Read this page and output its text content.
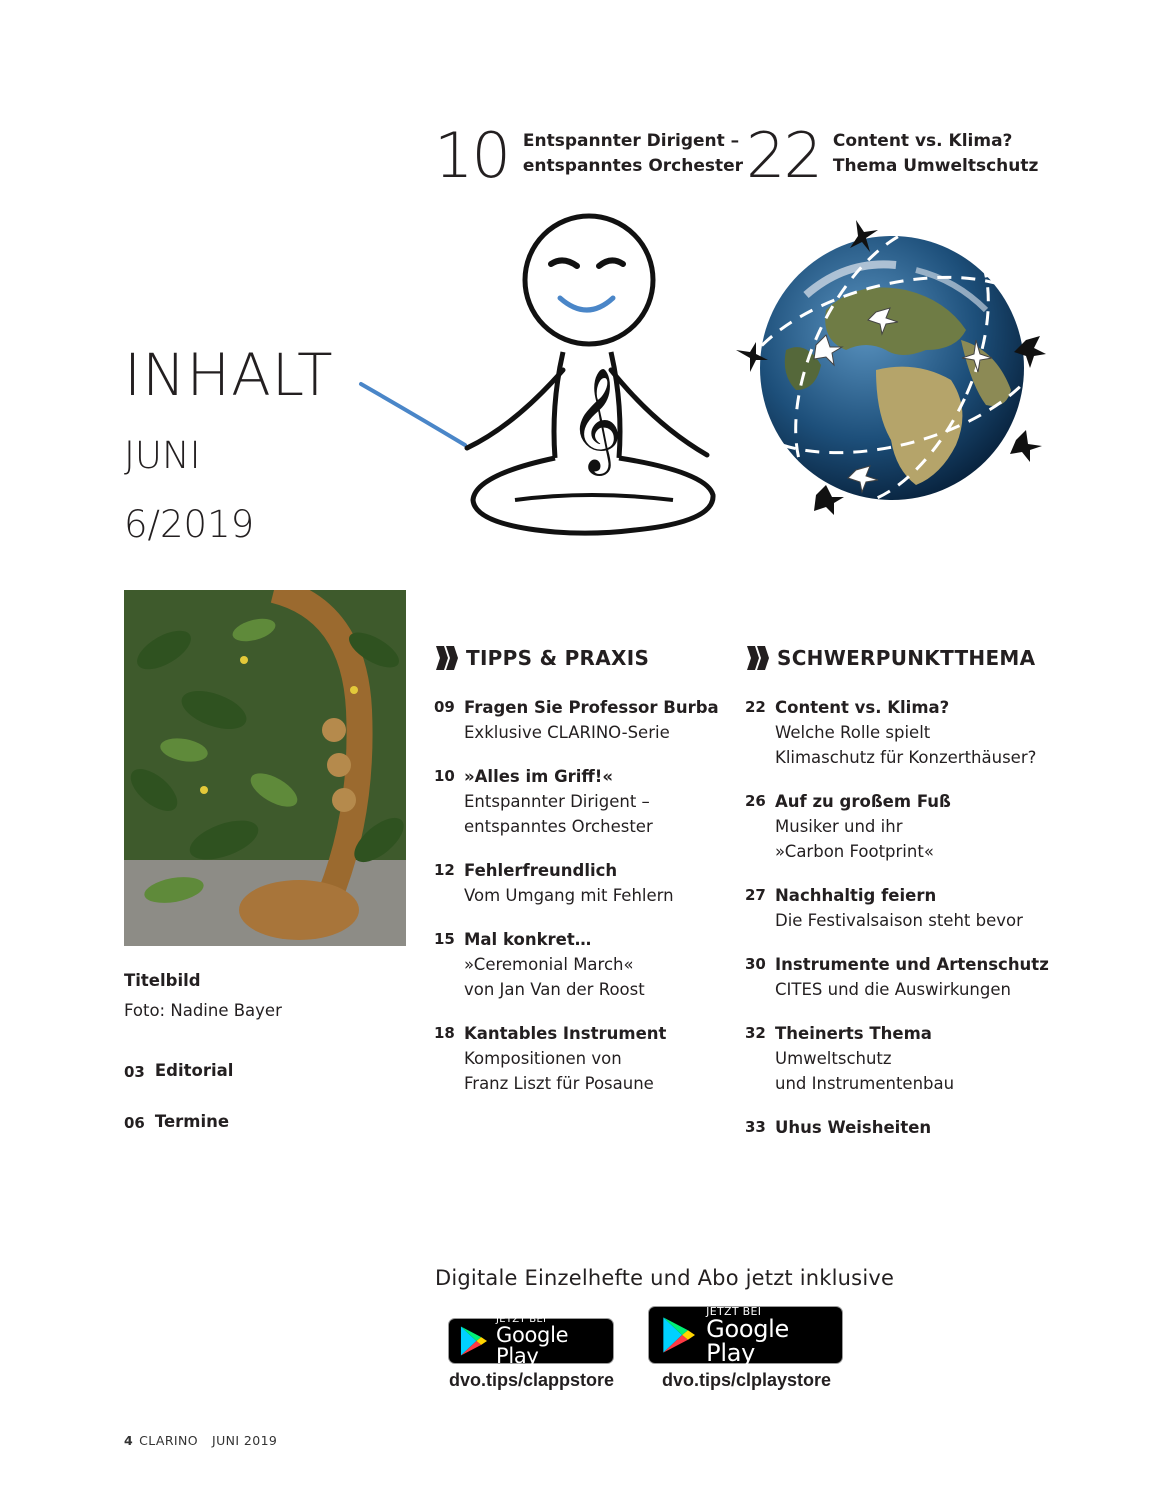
10 Entspannter Dirigent –
entspanntes Orchester 22 Content vs. Klima?
Thema Umweltschutz
𝄞
INHALT
JUNI
6/2019
Titelbild
Foto: Nadine Bayer
03 Editorial
06 Termine
TIPPS & PRAXIS
09 Fragen Sie Professor Burba
Exklusive CLARINO-Serie
10 »Alles im Griff!«
Entspannter Dirigent –
entspanntes Orchester
12 Fehlerfreundlich
Vom Umgang mit Fehlern
15 Mal konkret…
»Ceremonial March«
von Jan Van der Roost
18 Kantables Instrument
Kompositionen von
Franz Liszt für Posaune
SCHWERPUNKTTHEMA
22 Content vs. Klima?
Welche Rolle spielt
Klimaschutz für Konzerthäuser?
26 Auf zu großem Fuß
Musiker und ihr
»Carbon Footprint«
27 Nachhaltig feiern
Die Festivalsaison steht bevor
30 Instrumente und Artenschutz
CITES und die Auswirkungen
32 Theinerts Thema
Umweltschutz
und Instrumentenbau
33 Uhus Weisheiten
Digitale Einzelhefte und Abo jetzt inklusive
JETZT BEI
Google Play
dvo.tips/clappstore
JETZT BEI
Google Play
dvo.tips/clplaystore
4 CLARINO JUNI 2019
